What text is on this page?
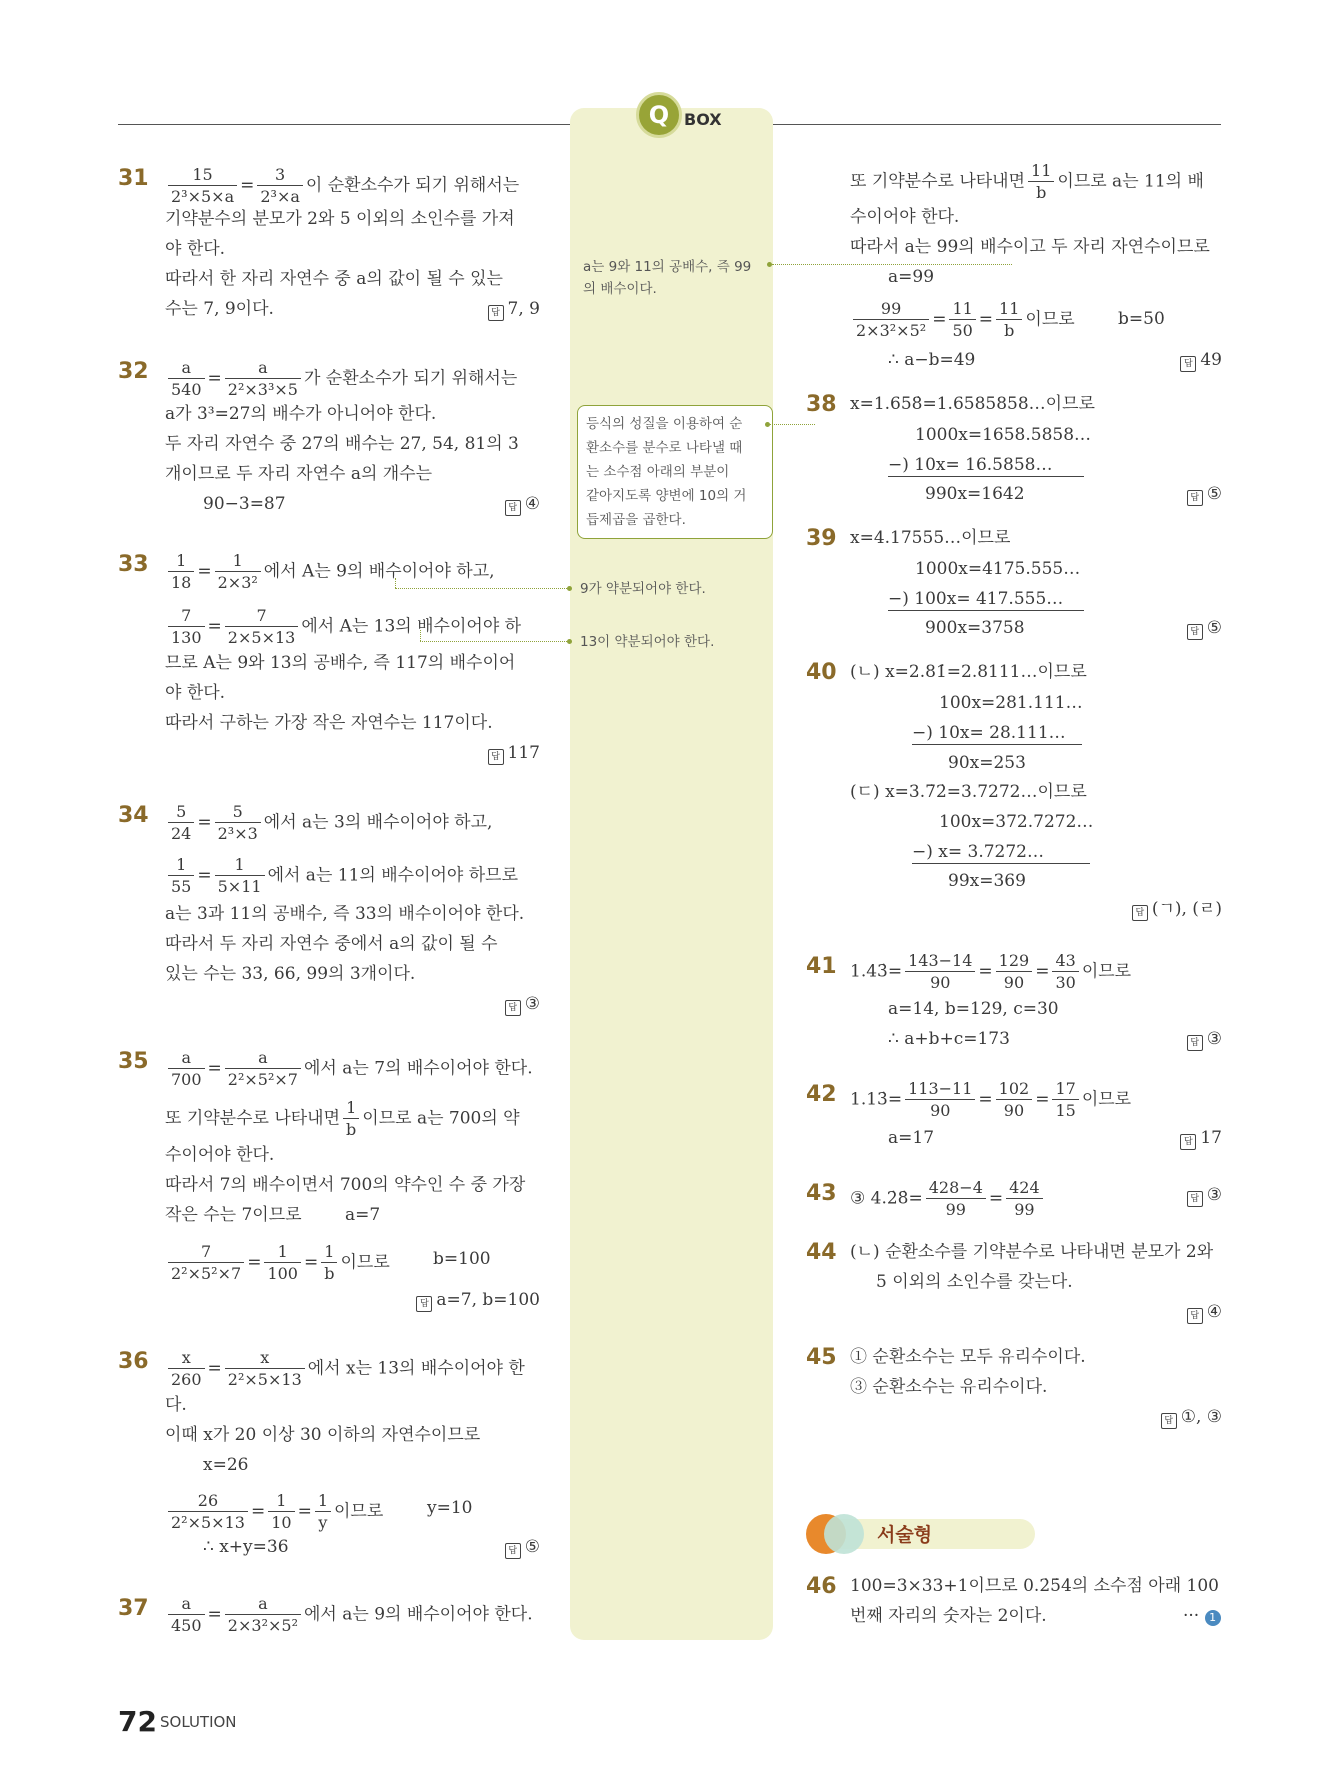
Q BOX
a는 9와 11의 공배수, 즉 99
의 배수이다.
등식의 성질을 이용하여 순
환소수를 분수로 나타낼 때
는 소수점 아래의 부분이
같아지도록 양변에 10의 거
듭제곱을 곱한다.
9가 약분되어야 한다.
13이 약분되어야 한다.
$31 \frac{15}{\text{2³×5×a}} = \frac{3}{\text{2³×a}}$ 이 순환소수가 되기 위해서는
기약분수의 분모가 2와 5 이외의 소인수를 가져
야 한다.
따라서 한 자리 자연수 중 a의 값이 될 수 있는
수는 7, 9이다.	답 7, 9
$32 \frac{a}{540} = \frac{a}{\text{2²×3³×5}}$ 가 순환소수가 되기 위해서는
a가 3³=27의 배수가 아니어야 한다.
두 자리 자연수 중 27의 배수는 27, 54, 81의 3
개이므로 두 자리 자연수 a의 개수는
90−3=87	답 ④
$33 \frac{1}{18} = \frac{1}{\text{2×3²}}$ 에서 A는 9의 배수이어야 하고,
$\frac{7}{130} = \frac{7}{2\times 5\times 13}$ 에서 A는 13의 배수이어야 하
므로 A는 9와 13의 공배수, 즉 117의 배수이어
야 한다.
따라서 구하는 가장 작은 자연수는 117이다.
답 117
$34 \frac{5}{24} = \frac{5}{\text{2³×3}}$ 에서 a는 3의 배수이어야 하고,
$\frac{1}{55} = \frac{1}{5\times 11}$ 에서 a는 11의 배수이어야 하므로
a는 3과 11의 공배수, 즉 33의 배수이어야 한다.
따라서 두 자리 자연수 중에서 a의 값이 될 수
있는 수는 33, 66, 99의 3개이다.
답 ③
$35 \frac{a}{700} = \frac{a}{\text{2²×5²×7}}$ 에서 a는 7의 배수이어야 한다.
또 기약분수로 나타내면 $\frac{1}{b}$ 이므로 a는 700의 약
수이어야 한다.
따라서 7의 배수이면서 700의 약수인 수 중 가장
작은 수는 7이므로	a=7
$\frac{7}{\text{2²×5²×7}} = \frac{1}{100} = \frac{1}{b}$ 이므로	b=100
답 a=7, b=100
$36 \frac{x}{260} = \frac{x}{\text{2²×5×13}}$ 에서 x는 13의 배수이어야 한
다.
이때 x가 20 이상 30 이하의 자연수이므로
x=26
$\frac{26}{\text{2²×5×13}} = \frac{1}{10} = \frac{1}{y}$ 이므로	y=10
∴ x+y=36	답 ⑤
$37 \frac{a}{450} = \frac{a}{\text{2×3²×5²}}$ 에서 a는 9의 배수이어야 한다.
또 기약분수로 나타내면 $\frac{11}{b}$ 이므로 a는 11의 배
수이어야 한다.
따라서 a는 99의 배수이고 두 자리 자연수이므로
a=99
$\frac{99}{\text{2×3²×5²}} = \frac{11}{50} = \frac{11}{b}$ 이므로	b=50
∴ a−b=49	답 49
38 x=1.658̇=1.6585858…이므로
1000x=1658.5858…
−) 10x= 16.5858…
990x=1642	답 ⑤
39 x=4.17555…이므로
1000x=4175.555…
−) 100x= 417.555…
900x=3758	답 ⑤
40 (ㄴ) x=2.81̇=2.8111…이므로
100x=281.111…
−) 10x= 28.111…
90x=253
(ㄷ) x=3.7̇2̇=3.7272…이므로
100x=372.7272…
−) x= 3.7272…
99x=369
답 (ㄱ), (ㄹ)
41 1.43̇= $\frac{143-14}{90} = \frac{129}{90} = \frac{43}{30}$ 이므로
a=14, b=129, c=30
∴ a+b+c=173	답 ③
42 1.13̇= $\frac{113-11}{90} = \frac{102}{90} = \frac{17}{15}$ 이므로
a=17	답 17
43 ③ 4.2̇8̇= $\frac{428-4}{99} = \frac{424}{99}$	답 ③
44 (ㄴ) 순환소수를 기약분수로 나타내면 분모가 2와
5 이외의 소인수를 갖는다.
답 ④
45 ① 순환소수는 모두 유리수이다.
③ 순환소수는 유리수이다.
답 ①, ③
서술형
46 100=3×33+1이므로 0.2̇5̇4̇의 소수점 아래 100
번째 자리의 숫자는 2이다.	··· 1
72 SOLUTION
